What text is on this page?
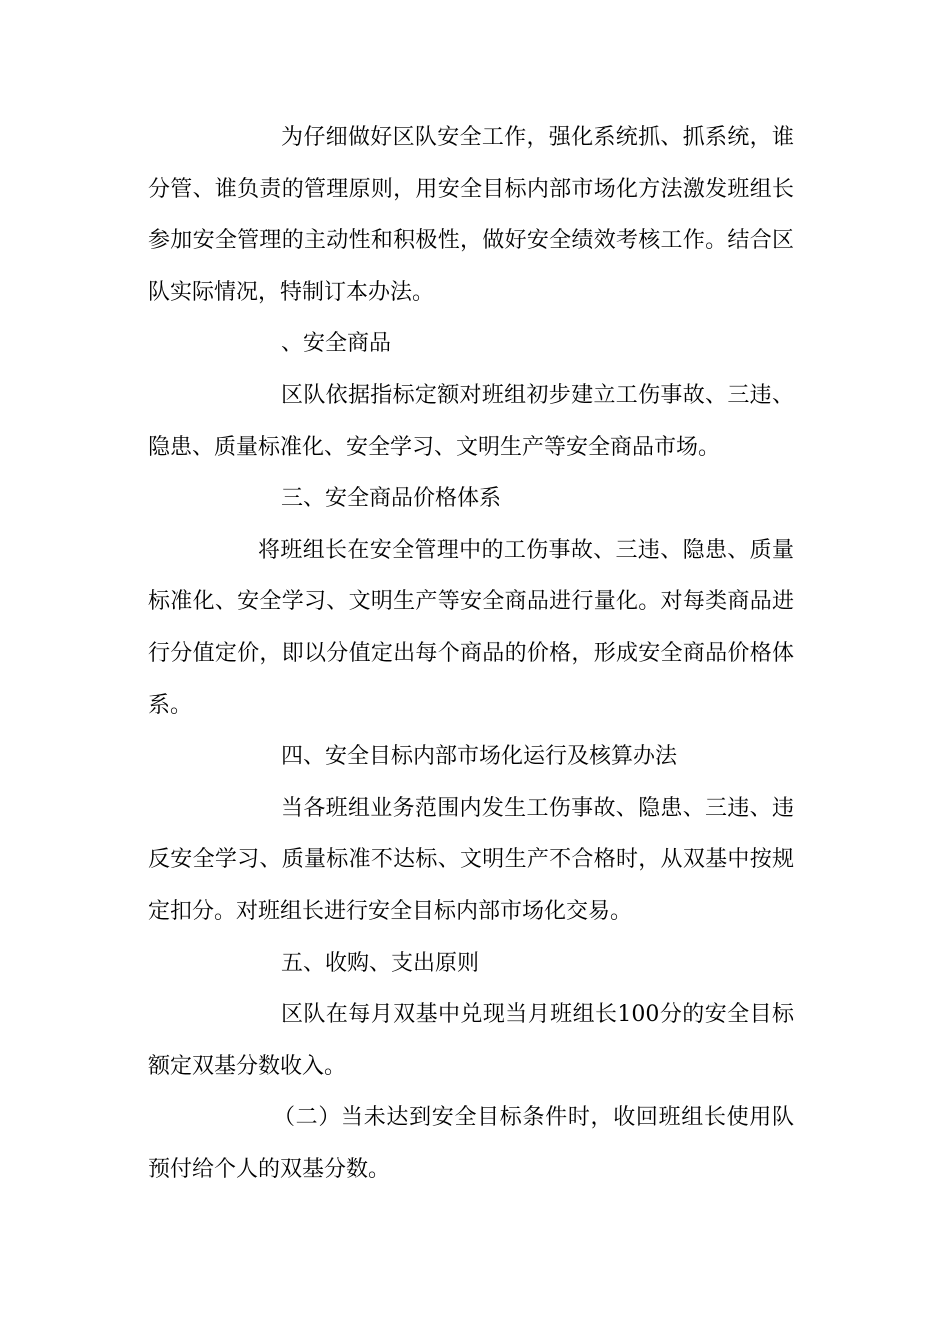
为仔细做好区队安全工作，强化系统抓、抓系统，谁分管、谁负责的管理原则，用安全目标内部市场化方法激发班组长参加安全管理的主动性和积极性，做好安全绩效考核工作。结合区队实际情况，特制订本办法。

、安全商品

区队依据指标定额对班组初步建立工伤事故、三违、隐患、质量标准化、安全学习、文明生产等安全商品市场。

三、安全商品价格体系

将班组长在安全管理中的工伤事故、三违、隐患、质量标准化、安全学习、文明生产等安全商品进行量化。对每类商品进行分值定价，即以分值定出每个商品的价格，形成安全商品价格体系。

四、安全目标内部市场化运行及核算办法

当各班组业务范围内发生工伤事故、隐患、三违、违反安全学习、质量标准不达标、文明生产不合格时，从双基中按规定扣分。对班组长进行安全目标内部市场化交易。

五、收购、支出原则

区队在每月双基中兑现当月班组长100分的安全目标额定双基分数收入。

（二）当未达到安全目标条件时，收回班组长使用队预付给个人的双基分数。
